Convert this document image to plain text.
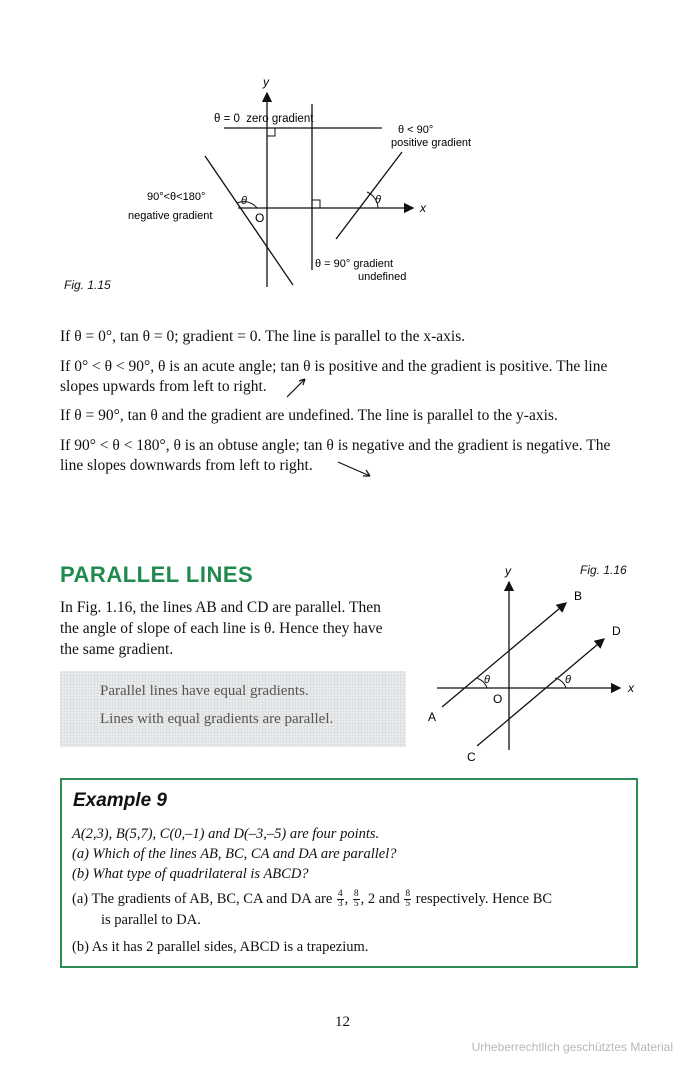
y
x
θ = 0  zero gradient
θ = 90° gradient
undefined
θ
θ < 90°
positive gradient
θ
90°<θ<180°
negative gradient	O
Fig. 1.15

If θ = 0°, tan θ = 0; gradient = 0. The line is parallel to the x-axis.

If 0° < θ < 90°, θ is an acute angle; tan θ is positive and the gradient is positive. The line

slopes upwards from left to right.

If θ = 90°, tan θ and the gradient are undefined. The line is parallel to the y-axis.

If 90° < θ < 180°, θ is an obtuse angle; tan θ is negative and the gradient is negative. The

line slopes downwards from left to right.

PARALLEL LINES
In Fig. 1.16, the lines AB and CD are parallel. Then
the angle of slope of each line is θ. Hence they have
the same gradient.
Parallel lines have equal gradients.
Lines with equal gradients are parallel.
y
x
θ	θ
O
A
B
C
D
Fig. 1.16
Example 9
A(2,3), B(5,7), C(0,–1) and D(–3,–5) are four points.
(a) Which of the lines AB, BC, CA and DA are parallel?
(b) What type of quadrilateral is ABCD?
(a) The gradients of AB, BC, CA and DA are $\frac{4}{3}$ , $\frac{8}{5}$ , 2 and $\frac{8}{5}$ respectively. Hence BC
is parallel to DA.
(b) As it has 2 parallel sides, ABCD is a trapezium.
12
Urheberrechtlich geschütztes Material
